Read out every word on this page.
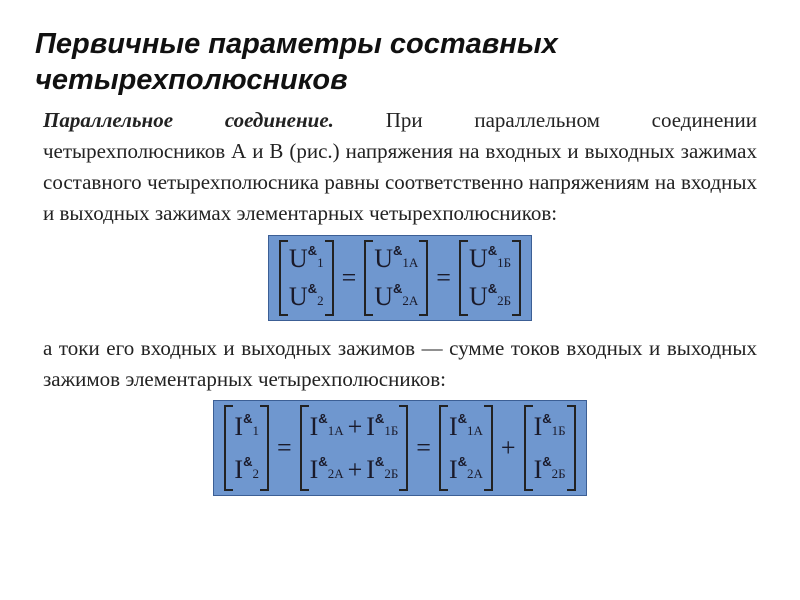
Первичные параметры составных четырехполюсников
Параллельное соединение. При параллельном соединении четырехполюсников А и В (рис.) напряжения на входных и выходных зажимах составного четырехполюсника равны соответственно напряжениям на входных и выходных зажимах элементарных четырехполюсников:
U&
1
U&
2
=
U&
1А
U&
2А
=
U&
1Б
U&
2Б
а токи его входных и выходных зажимов — сумме токов входных и выходных зажимов элементарных четырехполюсников:
I&
1
I&
2
=
I&
1А + I&
1Б
I&
2А + I&
2Б
=
I&
1А
I&
2А
+
I&
1Б
I&
2Б
